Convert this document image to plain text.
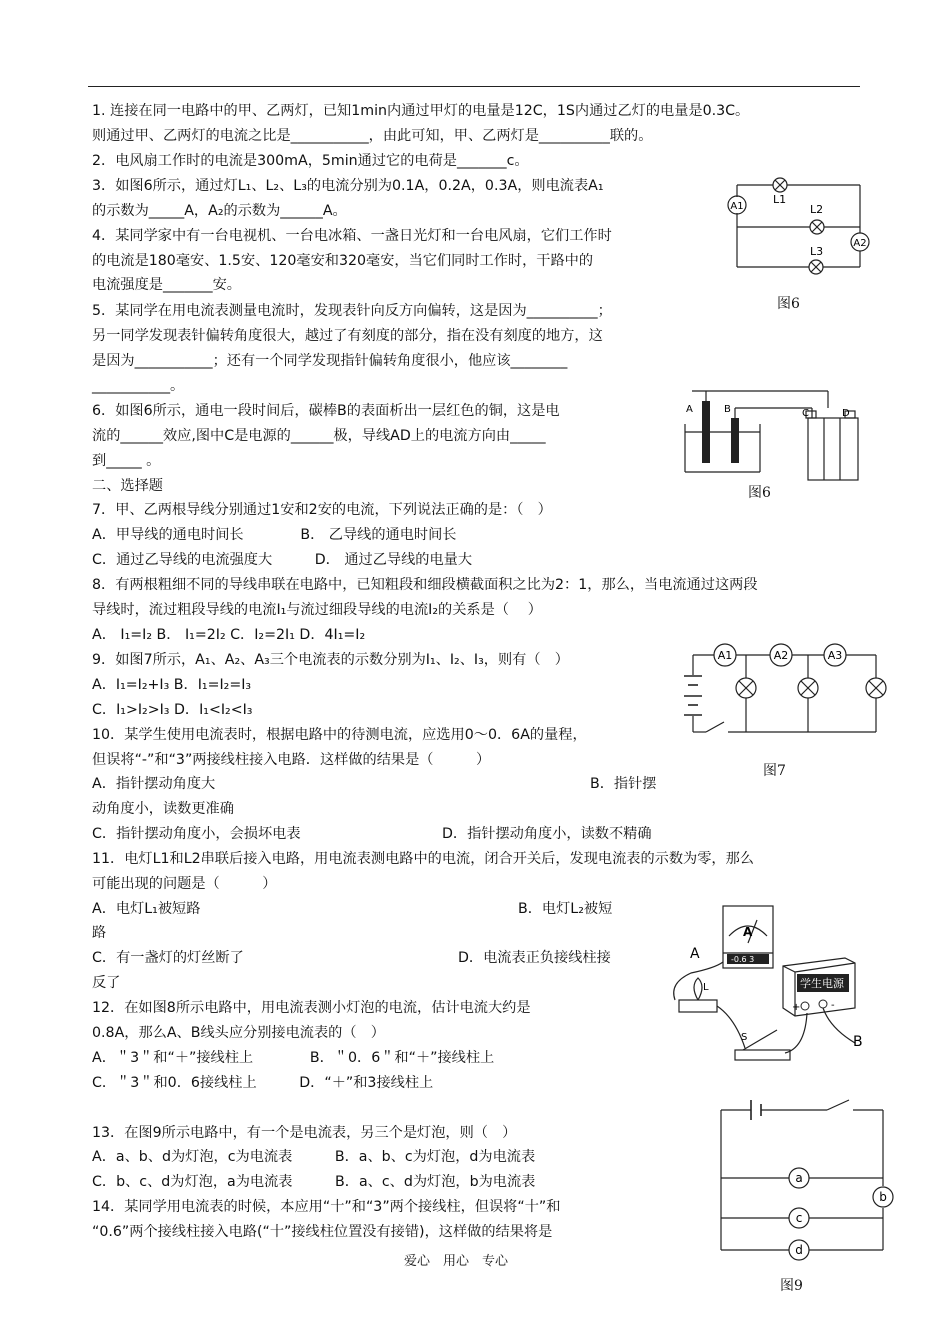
1. 连接在同一电路中的甲、乙两灯，已知1min内通过甲灯的电量是12C，1S内通过乙灯的电量是0.3C。
则通过甲、乙两灯的电流之比是___________，由此可知，甲、乙两灯是__________联的。
2．电风扇工作时的电流是300mA，5min通过它的电荷是_______c。
3．如图6所示，通过灯L₁、L₂、L₃的电流分别为0.1A，0.2A，0.3A，则电流表A₁
的示数为_____A，A₂的示数为______A。
4．某同学家中有一台电视机、一台电冰箱、一盏日光灯和一台电风扇，它们工作时
的电流是180毫安、1.5安、120毫安和320毫安，当它们同时工作时，干路中的
电流强度是_______安。
5．某同学在用电流表测量电流时，发现表针向反方向偏转，这是因为__________；
另一同学发现表针偏转角度很大，越过了有刻度的部分，指在没有刻度的地方，这
是因为___________；还有一个同学发现指针偏转角度很小，他应该________
___________。
6．如图6所示，通电一段时间后，碳棒B的表面析出一层红色的铜，这是电
流的______效应,图中C是电源的______极，导线AD上的电流方向由_____
到_____ 。
二、选择题
7．甲、乙两根导线分别通过1安和2安的电流，下列说法正确的是：（　）
A．甲导线的通电时间长　　　　B． 乙导线的通电时间长
C．通过乙导线的电流强度大　　　D． 通过乙导线的电量大
8．有两根粗细不同的导线串联在电路中，已知粗段和细段横截面积之比为2：1，那么，当电流通过这两段
导线时，流过粗段导线的电流I₁与流过细段导线的电流I₂的关系是（　 ）
A． I₁=I₂ B． I₁=2I₂ C．I₂=2I₁ D．4I₁=I₂
9．如图7所示，A₁、A₂、A₃三个电流表的示数分别为I₁、I₂、I₃，则有（　）
A．I₁=I₂+I₃ B．I₁=I₂=I₃
C．I₁>I₂>I₃ D．I₁<I₂<I₃
10．某学生使用电流表时，根据电路中的待测电流，应选用0～0．6A的量程，
但误将“-”和“3”两接线柱接入电路．这样做的结果是（　　　）
A．指针摆动角度大	B．指针摆
动角度小，读数更准确
C．指针摆动角度小，会损坏电表	D．指针摆动角度小，读数不精确
11．电灯L1和L2串联后接入电路，用电流表测电路中的电流，闭合开关后，发现电流表的示数为零，那么
可能出现的问题是（　　　）
A．电灯L₁被短路	B．电灯L₂被短
路
C．有一盏灯的灯丝断了	D．电流表正负接线柱接
反了
12．在如图8所示电路中，用电流表测小灯泡的电流，估计电流大约是
0.8A，那么A、B线头应分别接电流表的（　）
A．＂3＂和“＋”接线柱上　　　　B．＂0．6＂和“＋”接线柱上
C．＂3＂和0．6接线柱上　　　D．“＋”和3接线柱上
13．在图9所示电路中，有一个是电流表，另三个是灯泡，则（　）
A．a、b、d为灯泡，c为电流表　　　B．a、b、c为灯泡，d为电流表
C．b、c、d为灯泡，a为电流表　　　B．a、c、d为灯泡，b为电流表
14．某同学用电流表的时候，本应用“十”和“3”两个接线柱，但误将“十”和
“0.6”两个接线柱接入电路(“十”接线柱位置没有接错)，这样做的结果将是
爱心　用心　专心
A1
A2
L1
L2
L3
图6
A	B	C	D
图6
A1	A2	A3
图7
-0.6 3
A
学生电源
+	-
A
B
L
S
a
b
c
d
图9
